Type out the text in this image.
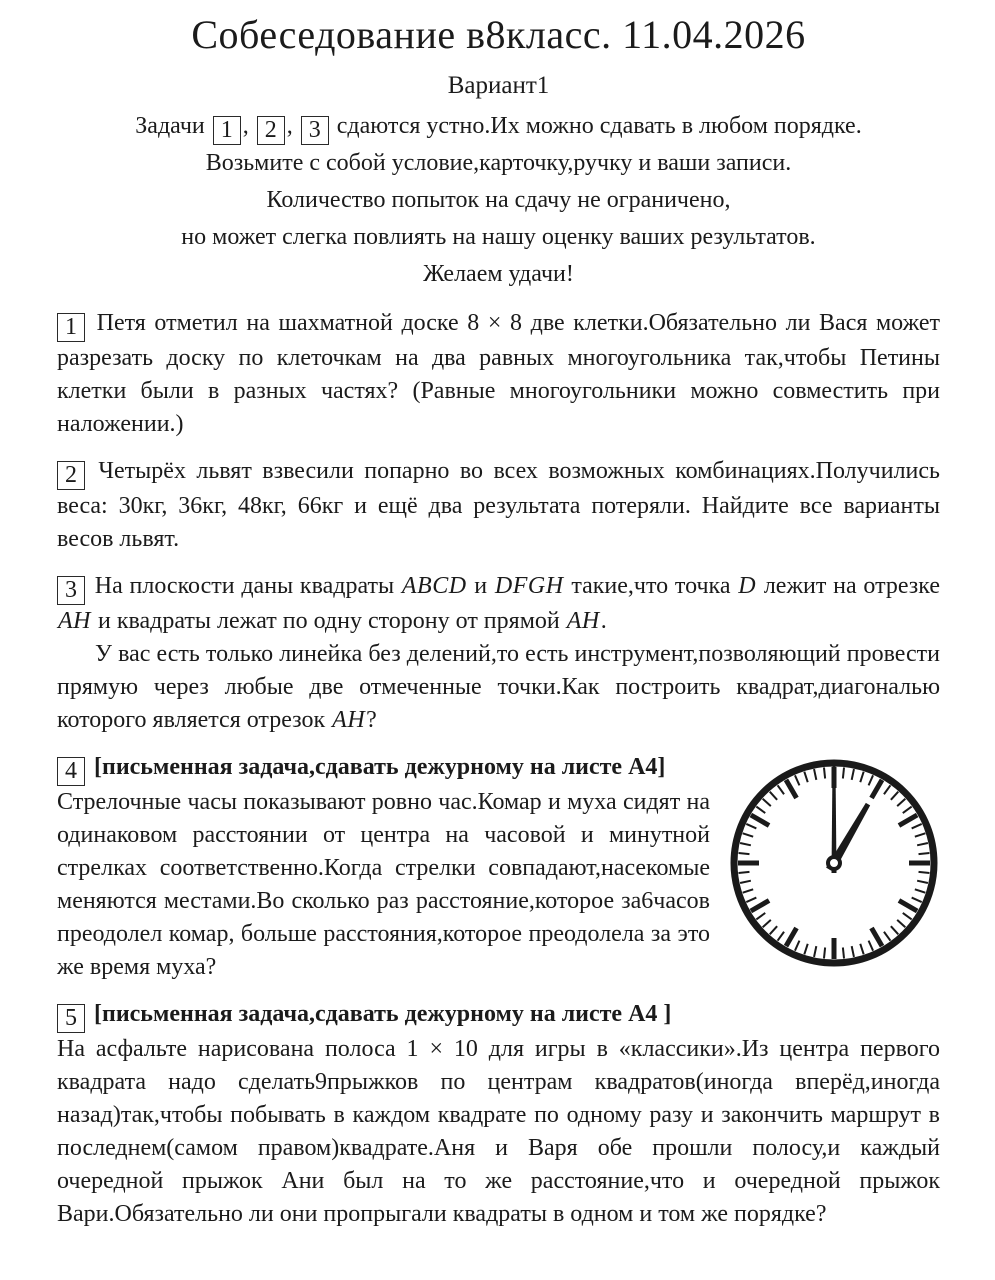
Собеседование в8класс. 11.04.2026
Вариант1
Задачи 1 , 2 , 3 сдаются устно.Их можно сдавать в любом порядке.
Возьмите с собой условие,карточку,ручку и ваши записи.
Количество попыток на сдачу не ограничено,
но может слегка повлиять на нашу оценку ваших результатов.
Желаем удачи!

1 Петя отметил на шахматной доске 8 × 8 две клетки.Обязательно ли Вася может разрезать доску по клеточкам на два равных многоугольника так,чтобы Петины клетки были в разных частях? (Равные многоугольники можно совместить при наложении.)

2 Четырёх львят взвесили попарно во всех возможных комбинациях.Получились веса: 30кг, 36кг, 48кг, 66кг и ещё два результата потеряли. Найдите все варианты весов львят.

3 На плоскости даны квадраты ABCD и DFGH такие,что точка D лежит на отрезке AH и квадраты лежат по одну сторону от прямой AH.

У вас есть только линейка без делений,то есть инструмент,позволяющий провести прямую через любые две отмеченные точки.Как построить квадрат,диагональю которого является отрезок AH?

4 [письменная задача,сдавать дежурному на листе A4]

Стрелочные часы показывают ровно час.Комар и муха сидят на одинаковом расстоянии от центра на часовой и минутной стрелках соответственно.Когда стрелки совпадают,насекомые меняются местами.Во сколько раз расстояние,которое за6часов преодолел комар, больше расстояния,которое преодолела за это же время муха?

5 [письменная задача,сдавать дежурному на листе A4 ]

На асфальте нарисована полоса 1 × 10 для игры в «классики».Из центра первого квадрата надо сделать9прыжков по центрам квадратов(иногда вперёд,иногда назад)так,чтобы побывать в каждом квадрате по одному разу и закончить маршрут в последнем(самом правом)квадрате.Аня и Варя обе прошли полосу,и каждый очередной прыжок Ани был на то же расстояние,что и очередной прыжок Вари.Обязательно ли они пропрыгали квадраты в одном и том же порядке?
